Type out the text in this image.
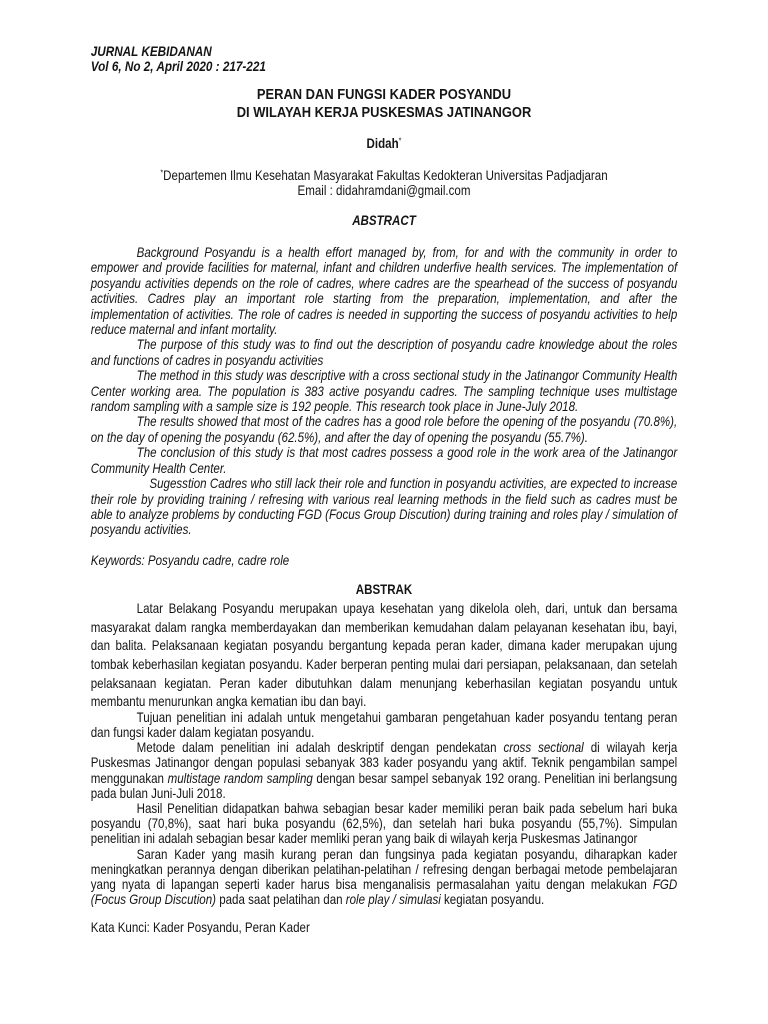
JURNAL KEBIDANAN
Vol 6, No 2, April 2020 : 217-221
PERAN DAN FUNGSI KADER POSYANDU
DI WILAYAH KERJA PUSKESMAS JATINANGOR
Didah*
*Departemen Ilmu Kesehatan Masyarakat Fakultas Kedokteran Universitas Padjadjaran
Email : didahramdani@gmail.com
ABSTRACT

Background Posyandu is a health effort managed by, from, for and with the community in order to empower and provide facilities for maternal, infant and children underfive health services. The implementation of posyandu activities depends on the role of cadres, where cadres are the spearhead of the success of posyandu activities. Cadres play an important role starting from the preparation, implementation, and after the implementation of activities. The role of cadres is needed in supporting the success of posyandu activities to help reduce maternal and infant mortality.

The purpose of this study was to find out the description of posyandu cadre knowledge about the roles and functions of cadres in posyandu activities

The method in this study was descriptive with a cross sectional study in the Jatinangor Community Health Center working area. The population is 383 active posyandu cadres. The sampling technique uses multistage random sampling with a sample size is 192 people. This research took place in June-July 2018.

The results showed that most of the cadres has a good role before the opening of the posyandu (70.8%), on the day of opening the posyandu (62.5%), and after the day of opening the posyandu (55.7%).

The conclusion of this study is that most cadres possess a good role in the work area of the Jatinangor Community Health Center.

Sugesstion Cadres who still lack their role and function in posyandu activities, are expected to increase their role by providing training / refresing with various real learning methods in the field such as cadres must be able to analyze problems by conducting FGD (Focus Group Discution) during training and roles play / simulation of posyandu activities.

Keywords: Posyandu cadre, cadre role

ABSTRAK

Latar Belakang Posyandu merupakan upaya kesehatan yang dikelola oleh, dari, untuk dan bersama masyarakat dalam rangka memberdayakan dan memberikan kemudahan dalam pelayanan kesehatan ibu, bayi, dan balita. Pelaksanaan kegiatan posyandu bergantung kepada peran kader, dimana kader merupakan ujung tombak keberhasilan kegiatan posyandu. Kader berperan penting mulai dari persiapan, pelaksanaan, dan setelah pelaksanaan kegiatan. Peran kader dibutuhkan dalam menunjang keberhasilan kegiatan posyandu untuk membantu menurunkan angka kematian ibu dan bayi.

Tujuan penelitian ini adalah untuk mengetahui gambaran pengetahuan kader posyandu tentang peran dan fungsi kader dalam kegiatan posyandu.

Metode dalam penelitian ini adalah deskriptif dengan pendekatan cross sectional di wilayah kerja Puskesmas Jatinangor dengan populasi sebanyak 383 kader posyandu yang aktif. Teknik pengambilan sampel menggunakan multistage random sampling dengan besar sampel sebanyak 192 orang. Penelitian ini berlangsung pada bulan Juni-Juli 2018.

Hasil Penelitian didapatkan bahwa sebagian besar kader memiliki peran baik pada sebelum hari buka posyandu (70,8%), saat hari buka posyandu (62,5%), dan setelah hari buka posyandu (55,7%). Simpulan penelitian ini adalah sebagian besar kader memliki peran yang baik di wilayah kerja Puskesmas Jatinangor

Saran Kader yang masih kurang peran dan fungsinya pada kegiatan posyandu, diharapkan kader meningkatkan perannya dengan diberikan pelatihan-pelatihan / refresing dengan berbagai metode pembelajaran yang nyata di lapangan seperti kader harus bisa menganalisis permasalahan yaitu dengan melakukan FGD (Focus Group Discution) pada saat pelatihan dan role play / simulasi kegiatan posyandu.

Kata Kunci: Kader Posyandu, Peran Kader
